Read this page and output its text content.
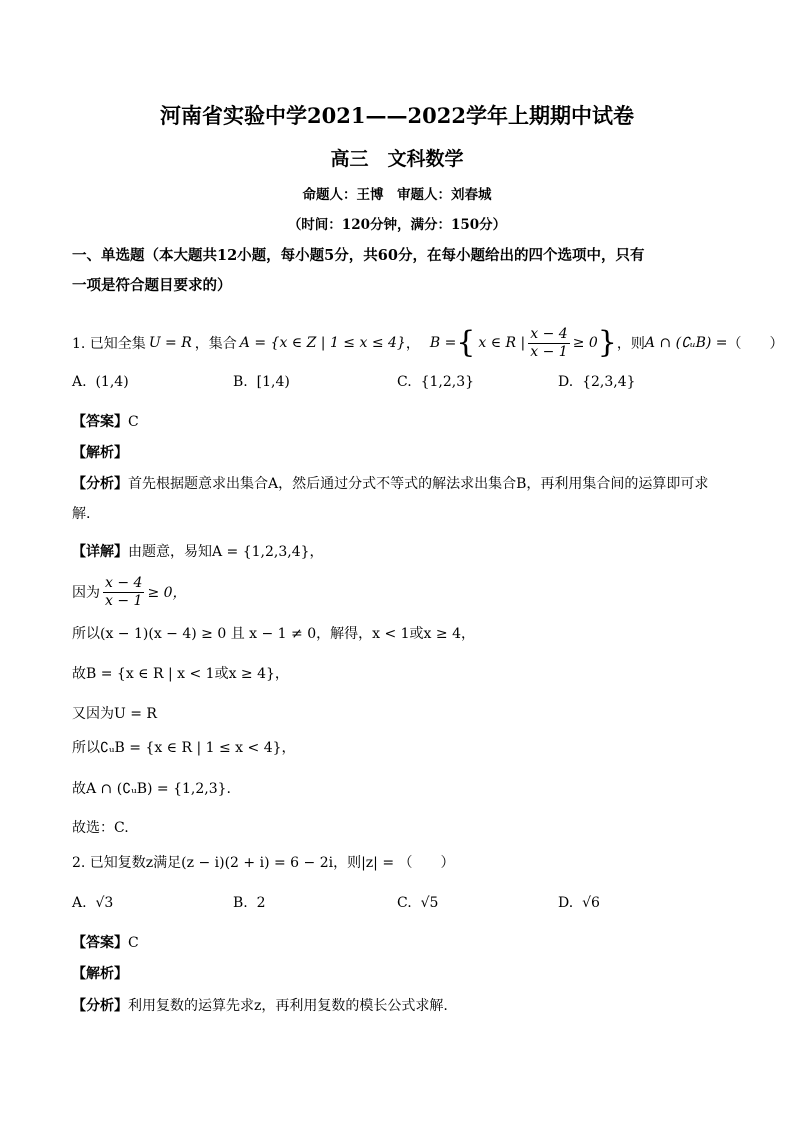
河南省实验中学2021——2022学年上期期中试卷
高三　文科数学
命题人：王博　审题人：刘春城
（时间：120分钟，满分：150分）
一、单选题（本大题共12小题，每小题5分，共60分，在每小题给出的四个选项中，只有
一项是符合题目要求的）
1. 已知全集 U = R ，集合 A = {x ∈ Z | 1 ≤ x ≤ 4} ， B = { x ∈ R | $\frac{x - 4}{x - 1} \ge 0$ } ，则 A ∩ (∁ᵤB) = （　　）
A. (1,4)	B. [1,4)	C. {1,2,3}	D. {2,3,4}
【答案】C
【解析】
【分析】首先根据题意求出集合A，然后通过分式不等式的解法求出集合B，再利用集合间的运算即可求
解.
【详解】由题意，易知A = {1,2,3,4}，
因为 $\frac{x - 4}{x - 1} \ge 0$，
所以(x − 1)(x − 4) ≥ 0 且 x − 1 ≠ 0，解得，x < 1或x ≥ 4，
故B = {x ∈ R | x < 1或x ≥ 4}，
又因为U = R
所以∁ᵤB = {x ∈ R | 1 ≤ x < 4}，
故A ∩ (∁ᵤB) = {1,2,3}.
故选：C.
2. 已知复数z满足(z − i)(2 + i) = 6 − 2i，则|z| = （　　）
A. √3	B. 2	C. √5	D. √6
【答案】C
【解析】
【分析】利用复数的运算先求z，再利用复数的模长公式求解.
